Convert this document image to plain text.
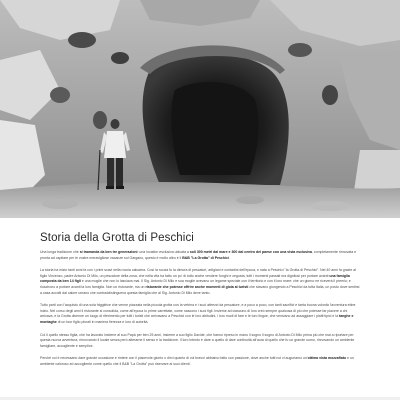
Storia della Grotta di Peschici

Una lunga tradizione che si tramanda da ben tre generazioni: una location esclusiva ubicata a soli 300 metri dal mare e 300 dal centro del paese con una vista esclusiva, completamente rinnovata e pronta ad ospitare per le vostre meravigliose vacanze sul Gargano, questo è molto altro è il B&B "La Grotta" di Peschici.

La storia ha inizio tanti anni fa con i primi scavi nella roccia calcarea. Così la roccia fu la dimora di pescatori, artigiani e contadini dell'epoca, e nata a Peschici "la Grotta di Peschici". Nel 40 anni fa grazie al figlio Vincenzo, padre Antonio Di Milo, un pescatore della zona, che nella vita ha fatto un po' di tutto anche vendere funghi e cegusta, tutti i momenti passati ma dignitosi per portare avanti una famiglia composta da ben 14 figli e una moglie che non lo lasciava mai. Il Sig. Antonio Di Milo e sua moglie avevano un legame speciale con il territorio e con il loro mare: che un giorno ne riceverà il premio; e riuscirono a portare avanti la loro famiglia. Non un ristorante, ma un ristorante che potesse offrire anche momenti di gioia ai turisti che stavano giungendo a Peschici da tutta Italia, un posto dove sentirsi a casa accolti dal calore umano che contraddistingueva questa famiglia che al Sig. Antonio Di Milo deve tanto.

Tutto partì con l'acquisto di una sola friggitrice che venne piazzata nella piccola grotta con la vetrina e i suoi attrezzi da pescatore, e a poco a poco, con tanti sacrifici e tanta buona volontà l'avventura ebbe inizio. Nel corso degli anni il ristorante si consolida, come all'epoca lo prime carrettate, come nascono i suoi figli. Insieme ad ciascuno di loro creò sempre qualcosa di più che potesse far piacere a chi arrivava, e la Grotta divenne un luogo di riferimento per tutti i turisti che arrivavano a Peschici con le loro abitudini, i loro modi di fare e le loro lingue, che venivano ad assaggiare i piatti tipici e la tanghe e montaghe di un tour figlio plurali in maniera fierezza e loro di autorità.

Col il quello stesso figlia, che ha lavorato insieme al suo Papà per ben 25 anni, insieme a suo figlio Davide, che hanno ripreso in mano il sogno il sogno di Antonio Di Milo prima più che mai a riportare per questa nuova avventura, rinnovando il locale senza però alterarne il senso e la tradizione. Il loro intento è dare a quello di dare continuità all'aura di quello che fu un grande uomo, rinnovando un ambiente famigliare, accogliente e semplice.

Perché voi è necessario dare grande occasione e rintere con il piacevole giunto o dirvi quanto di voi bravo! abbiamo fatto con passione, dove anche tutti noi vi auguriamo un'ottima vista mozzafiato e un ambiente caloroso ed accogliente come quello che il B&B "La Grotta" può riservare ai suoi clienti.
